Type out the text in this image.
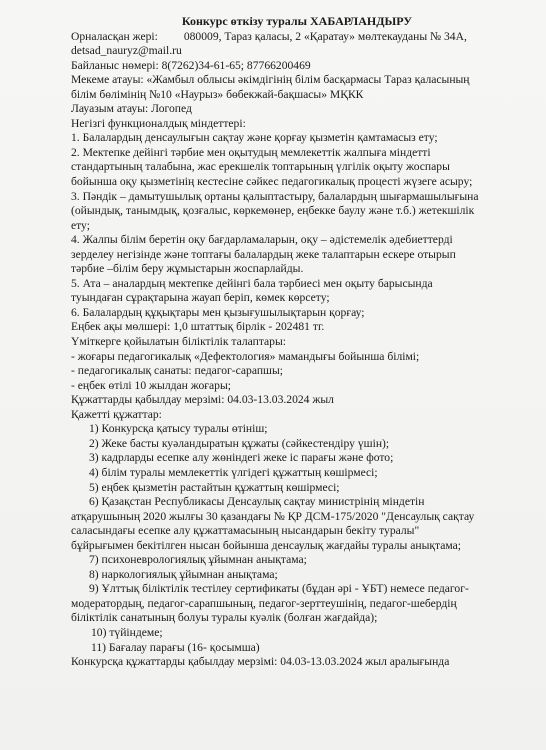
Конкурс өткізу туралы ХАБАРЛАНДЫРУ
Орналасқан жері: 080009, Тараз қаласы, 2 «Қаратау» мөлтекауданы № 34А,
detsad_nauryz@mail.ru
Байланыс нөмері: 8(7262)34-61-65; 87766200469
Мекеме атауы: «Жамбыл облысы әкімдігінің білім басқармасы Тараз қаласының
білім бөлімінің №10 «Наурыз» бөбекжай-бақшасы» МҚКК
Лауазым атауы: Логопед
Негізгі функционалдық міндеттері:
1. Балалардың денсаулығын сақтау және қорғау қызметін қамтамасыз ету;
2. Мектепке дейінгі тәрбие мен оқытудың мемлекеттік жалпыға міндетті
стандартының талабына, жас ерекшелік топтарының үлгілік оқыту жоспары
бойынша оқу қызметінің кестесіне сәйкес педагогикалық процесті жүзеге асыру;
3. Пәндік – дамытушылық ортаны қалыптастыру, балалардың шығармашылығына
(ойындық, танымдық, қозғалыс, көркемөнер, еңбекке баулу және т.б.) жетекшілік
ету;
4. Жалпы білім беретін оқу бағдарламаларын, оқу – әдістемелік әдебиеттерді
зерделеу негізінде және топтағы балалардың жеке талаптарын ескере отырып
тәрбие –білім беру жұмыстарын жоспарлайды.
5. Ата – аналардың мектепке дейінгі бала тәрбиесі мен оқыту барысында
туындаған сұрақтарына жауап беріп, көмек көрсету;
6. Балалардың құқықтары мен қызығушылықтарын қорғау;
Еңбек ақы мөлшері: 1,0 штаттық бірлік - 202481 тг.
Үміткерге қойылатын біліктілік талаптары:
- жоғары педагогикалық «Дефектология» мамандығы бойынша білімі;
- педагогикалық санаты: педагог-сарапшы;
- еңбек өтілі 10 жылдан жоғары;
Құжаттарды қабылдау мерзімі: 04.03-13.03.2024 жыл
Қажетті құжаттар:
1) Конкурсқа қатысу туралы өтініш;
2) Жеке басты куәландыратын құжаты (сәйкестендіру үшін);
3) кадрларды есепке алу жөніндегі жеке іс парағы және фото;
4) білім туралы мемлекеттік үлгідегі құжаттың көшірмесі;
5) еңбек қызметін растайтын құжаттың көшірмесі;
6) Қазақстан Республикасы Денсаулық сақтау министрінің міндетін
атқарушының 2020 жылғы 30 қазандағы № ҚР ДСМ-175/2020 "Денсаулық сақтау
саласындағы есепке алу құжаттамасының нысандарын бекіту туралы"
бұйрығымен бекітілген нысан бойынша денсаулық жағдайы туралы анықтама;
7) психоневрологиялық ұйымнан анықтама;
8) наркологиялық ұйымнан анықтама;
9) Ұлттық біліктілік тестілеу сертификаты (бұдан әрі - ҰБТ) немесе педагог-
модератордың, педагог-сарапшының, педагог-зерттеушінің, педагог-шебердің
біліктілік санатының болуы туралы куәлік (болған жағдайда);
10) түйіндеме;
11) Бағалау парағы (16- қосымша)
Конкурсқа құжаттарды қабылдау мерзімі: 04.03-13.03.2024 жыл аралығында
